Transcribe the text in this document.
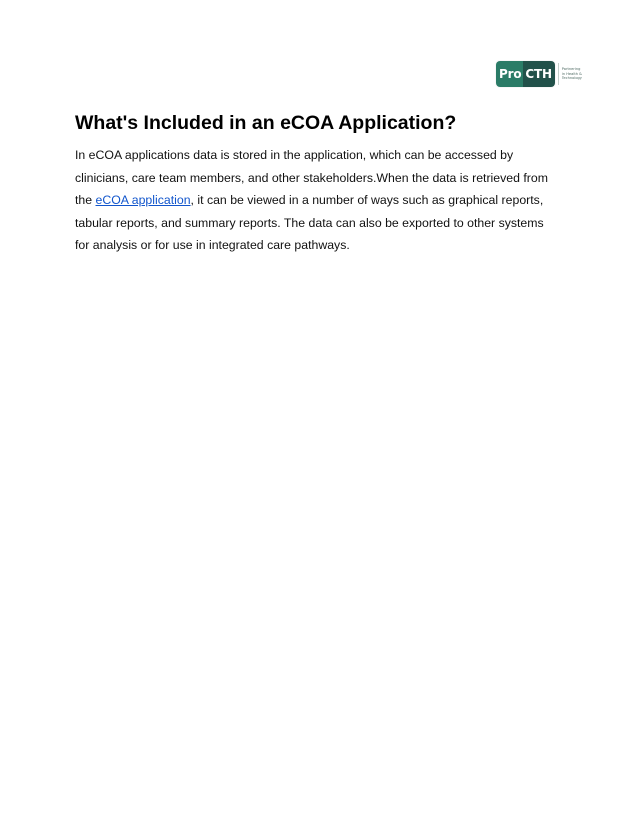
Pro CTH	Partnering
in Health &
Technology
What's Included in an eCOA Application?

In eCOA applications data is stored in the application, which can be accessed by
clinicians, care team members, and other stakeholders.When the data is retrieved from
the eCOA application, it can be viewed in a number of ways such as graphical reports,
tabular reports, and summary reports. The data can also be exported to other systems
for analysis or for use in integrated care pathways.
